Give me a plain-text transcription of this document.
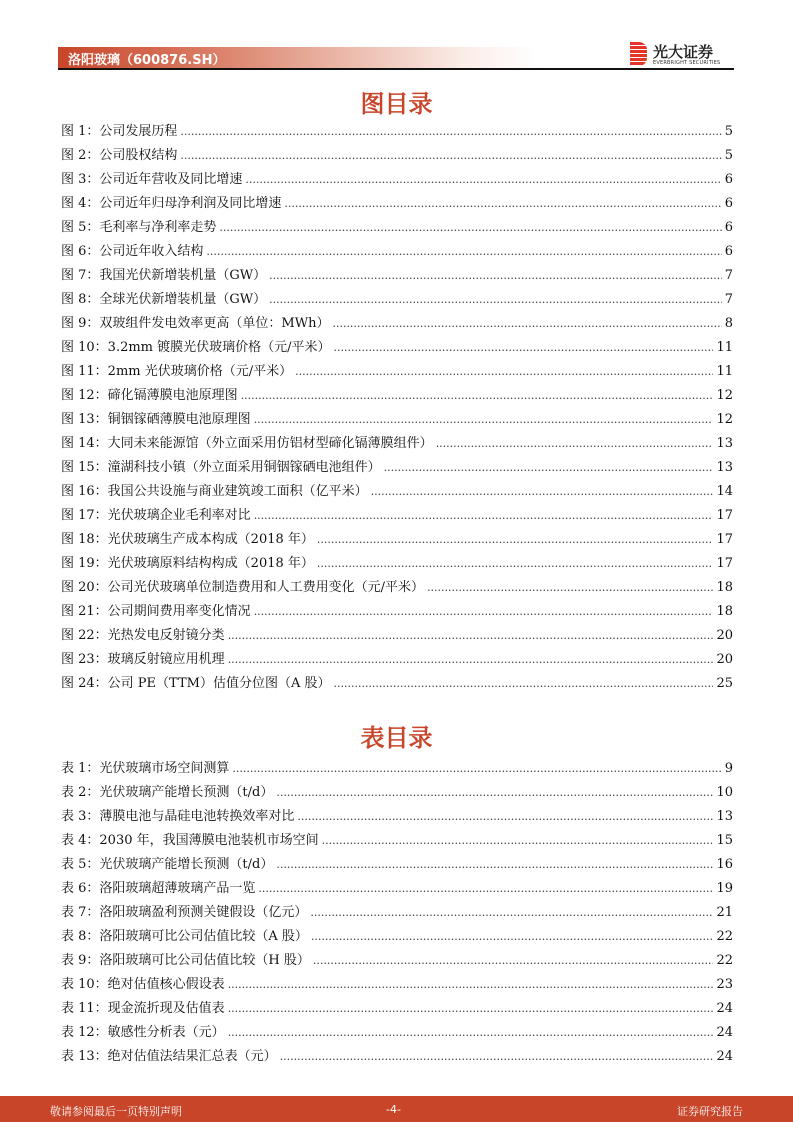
洛阳玻璃（600876.SH）	光大证券
EVERBRIGHT SECURITIES
图目录
图 1：公司发展历程 .....	5
图 2：公司股权结构 .....	5
图 3：公司近年营收及同比增速 .....	6
图 4：公司近年归母净利润及同比增速 .....	6
图 5：毛利率与净利率走势 .....	6
图 6：公司近年收入结构 .....	6
图 7：我国光伏新增装机量（GW） .....	7
图 8：全球光伏新增装机量（GW） .....	7
图 9：双玻组件发电效率更高（单位：MWh） .....	8
图 10：3.2mm 镀膜光伏玻璃价格（元/平米） .....	11
图 11：2mm 光伏玻璃价格（元/平米） .....	11
图 12：碲化镉薄膜电池原理图 .....	12
图 13：铜铟镓硒薄膜电池原理图 .....	12
图 14：大同未来能源馆（外立面采用仿铝材型碲化镉薄膜组件） .....	13
图 15：潼湖科技小镇（外立面采用铜铟镓硒电池组件） .....	13
图 16：我国公共设施与商业建筑竣工面积（亿平米） .....	14
图 17：光伏玻璃企业毛利率对比 .....	17
图 18：光伏玻璃生产成本构成（2018 年） .....	17
图 19：光伏玻璃原料结构构成（2018 年） .....	17
图 20：公司光伏玻璃单位制造费用和人工费用变化（元/平米） .....	18
图 21：公司期间费用率变化情况 .....	18
图 22：光热发电反射镜分类 .....	20
图 23：玻璃反射镜应用机理 .....	20
图 24：公司 PE（TTM）估值分位图（A 股） .....	25
表目录
表 1：光伏玻璃市场空间测算 .....	9
表 2：光伏玻璃产能增长预测（t/d） .....	10
表 3：薄膜电池与晶硅电池转换效率对比 .....	13
表 4：2030 年，我国薄膜电池装机市场空间 .....	15
表 5：光伏玻璃产能增长预测（t/d） .....	16
表 6：洛阳玻璃超薄玻璃产品一览 .....	19
表 7：洛阳玻璃盈利预测关键假设（亿元） .....	21
表 8：洛阳玻璃可比公司估值比较（A 股） .....	22
表 9：洛阳玻璃可比公司估值比较（H 股） .....	22
表 10：绝对估值核心假设表 .....	23
表 11：现金流折现及估值表 .....	24
表 12：敏感性分析表（元） .....	24
表 13：绝对估值法结果汇总表（元） .....	24
敬请参阅最后一页特别声明	-4-	证券研究报告
